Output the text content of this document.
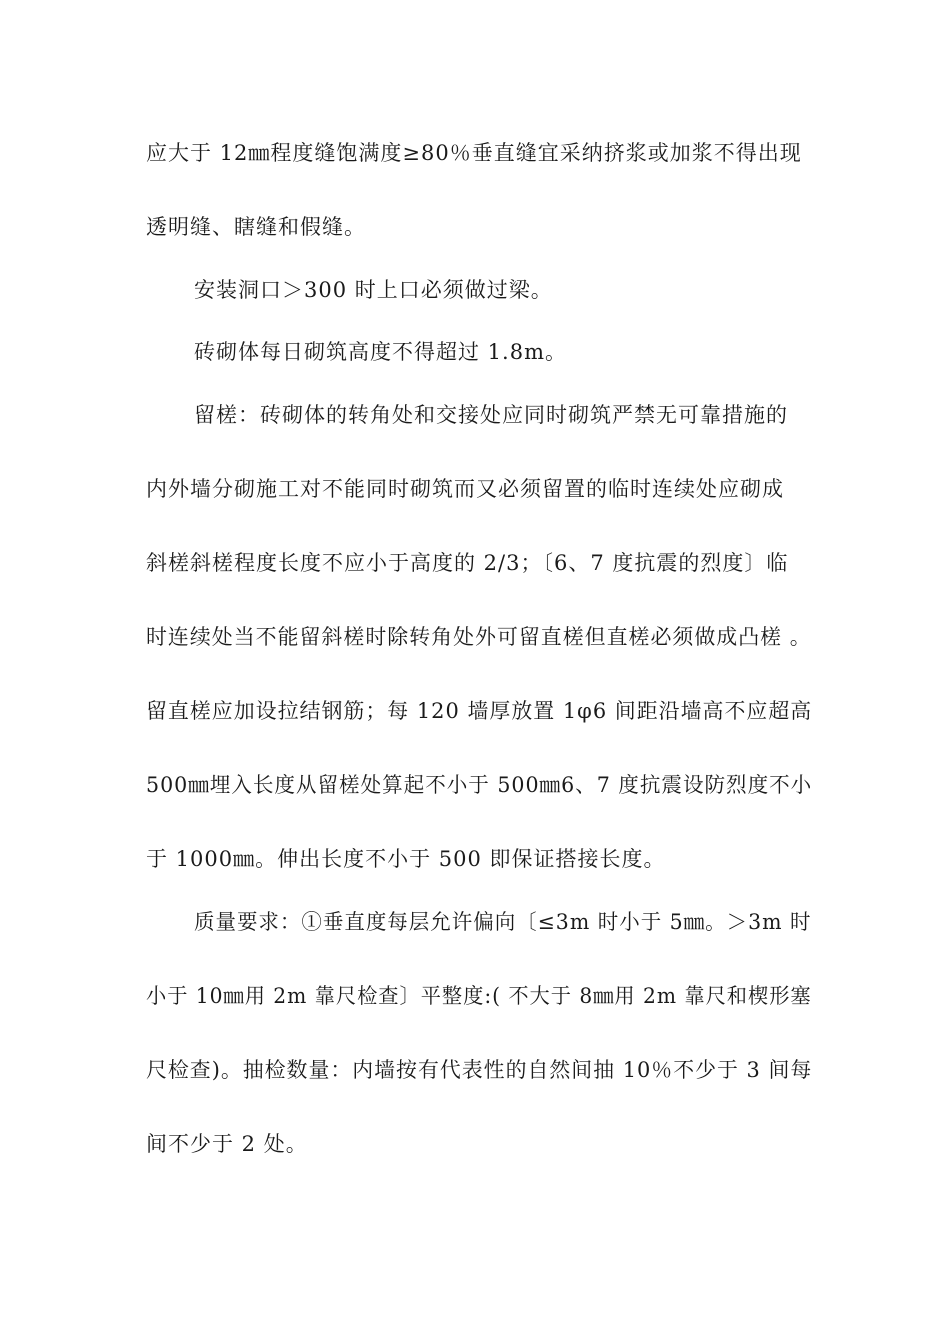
应大于 12㎜程度缝饱满度≥80％垂直缝宜采纳挤浆或加浆不得出现
透明缝、瞎缝和假缝。
安装洞口＞300 时上口必须做过梁。
砖砌体每日砌筑高度不得超过 1.8m。
留槎：砖砌体的转角处和交接处应同时砌筑严禁无可靠措施的
内外墙分砌施工对不能同时砌筑而又必须留置的临时连续处应砌成
斜槎斜槎程度长度不应小于高度的 2/3；〔6、7 度抗震的烈度〕临
时连续处当不能留斜槎时除转角处外可留直槎但直槎必须做成凸槎 。
留直槎应加设拉结钢筋；每 120 墙厚放置 1φ6 间距沿墙高不应超高
500㎜埋入长度从留槎处算起不小于 500㎜6、7 度抗震设防烈度不小
于 1000㎜。伸出长度不小于 500 即保证搭接长度。
质量要求：①垂直度每层允许偏向〔≤3m 时小于 5㎜。＞3m 时
小于 10㎜用 2m 靠尺检查〕平整度:( 不大于 8㎜用 2m 靠尺和楔形塞
尺检查)。抽检数量：内墙按有代表性的自然间抽 10％不少于 3 间每
间不少于 2 处。
